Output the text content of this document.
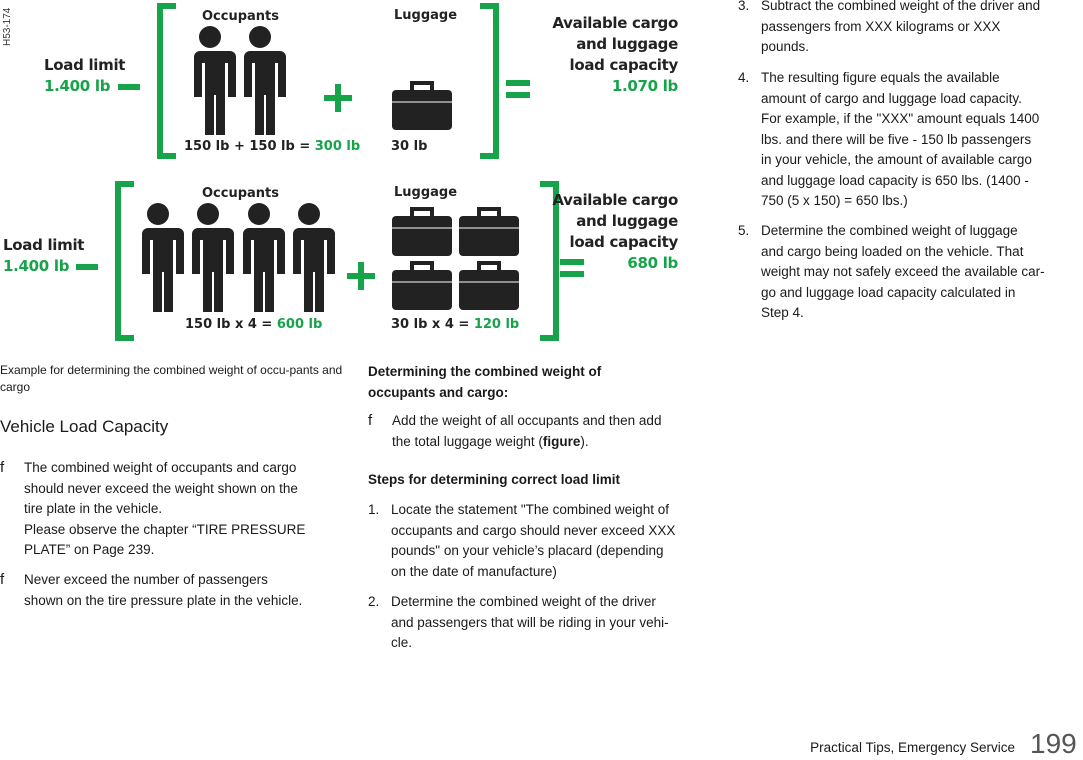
H53-174
Load limit
1.400 lb
Occupants	Luggage
150 lb + 150 lb = 300 lb 30 lb
Available cargo
and luggage
load capacity
1.070 lb
Load limit
1.400 lb
Occupants	Luggage
150 lb x 4 = 600 lb	30 lb x 4 = 120 lb
Available cargo
and luggage
load capacity
680 lb
Example for determining the combined weight of occu-pants and cargo
Vehicle Load Capacity
f The combined weight of occupants and cargo
should never exceed the weight shown on the
tire plate in the vehicle.
Please observe the chapter “TIRE PRESSURE
PLATE” on Page 239.
f Never exceed the number of passengers
shown on the tire pressure plate in the vehicle.
Determining the combined weight of
occupants and cargo:
f Add the weight of all occupants and then add
the total luggage weight (figure).
Steps for determining correct load limit
1. Locate the statement "The combined weight of
occupants and cargo should never exceed XXX
pounds" on your vehicle’s placard (depending
on the date of manufacture)
2. Determine the combined weight of the driver
and passengers that will be riding in your vehi-
cle.
3. Subtract the combined weight of the driver and
passengers from XXX kilograms or XXX
pounds.
4. The resulting figure equals the available
amount of cargo and luggage load capacity.
For example, if the "XXX" amount equals 1400
lbs. and there will be five - 150 lb passengers
in your vehicle, the amount of available cargo
and luggage load capacity is 650 lbs. (1400 -
750 (5 x 150) = 650 lbs.)
5. Determine the combined weight of luggage
and cargo being loaded on the vehicle. That
weight may not safely exceed the available car-
go and luggage load capacity calculated in
Step 4.
Practical Tips, Emergency Service 199
